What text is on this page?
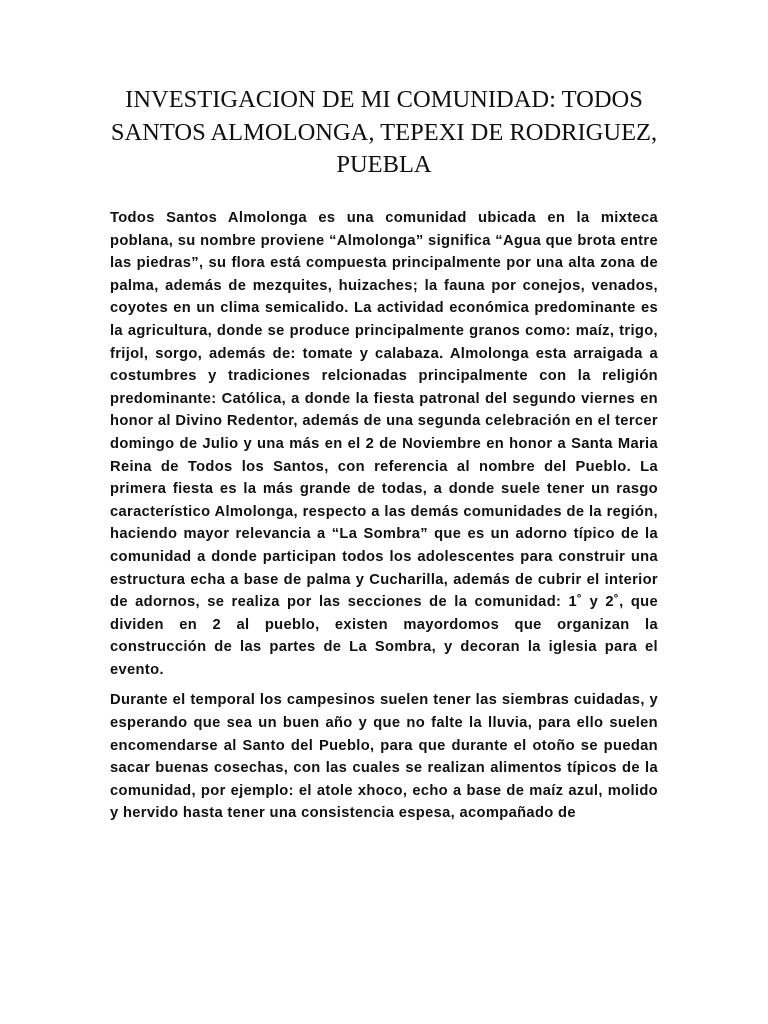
INVESTIGACION DE MI COMUNIDAD: TODOS SANTOS ALMOLONGA, TEPEXI DE RODRIGUEZ, PUEBLA

Todos Santos Almolonga es una comunidad ubicada en la mixteca poblana, su nombre proviene “Almolonga” significa “Agua que brota entre las piedras”, su flora está compuesta principalmente por una alta zona de palma, además de mezquites, huizaches; la fauna por conejos, venados, coyotes en un clima semicalido. La actividad económica predominante es la agricultura, donde se produce principalmente granos como: maíz, trigo, frijol, sorgo, además de: tomate y calabaza. Almolonga esta arraigada a costumbres y tradiciones relcionadas principalmente con la religión predominante: Católica, a donde la fiesta patronal del segundo viernes en honor al Divino Redentor, además de una segunda celebración en el tercer domingo de Julio y una más en el 2 de Noviembre en honor a Santa Maria Reina de Todos los Santos, con referencia al nombre del Pueblo. La primera fiesta es la más grande de todas, a donde suele tener un rasgo característico Almolonga, respecto a las demás comunidades de la región, haciendo mayor relevancia a “La Sombra” que es un adorno típico de la comunidad a donde participan todos los adolescentes para construir una estructura echa a base de palma y Cucharilla, además de cubrir el interior de adornos, se realiza por las secciones de la comunidad: 1˚ y 2˚, que dividen en 2 al pueblo, existen mayordomos que organizan la construcción de las partes de La Sombra, y decoran la iglesia para el evento.

Durante el temporal los campesinos suelen tener las siembras cuidadas, y esperando que sea un buen año y que no falte la lluvia, para ello suelen encomendarse al Santo del Pueblo, para que durante el otoño se puedan sacar buenas cosechas, con las cuales se realizan alimentos típicos de la comunidad, por ejemplo: el atole xhoco, echo a base de maíz azul, molido y hervido hasta tener una consistencia espesa, acompañado de
